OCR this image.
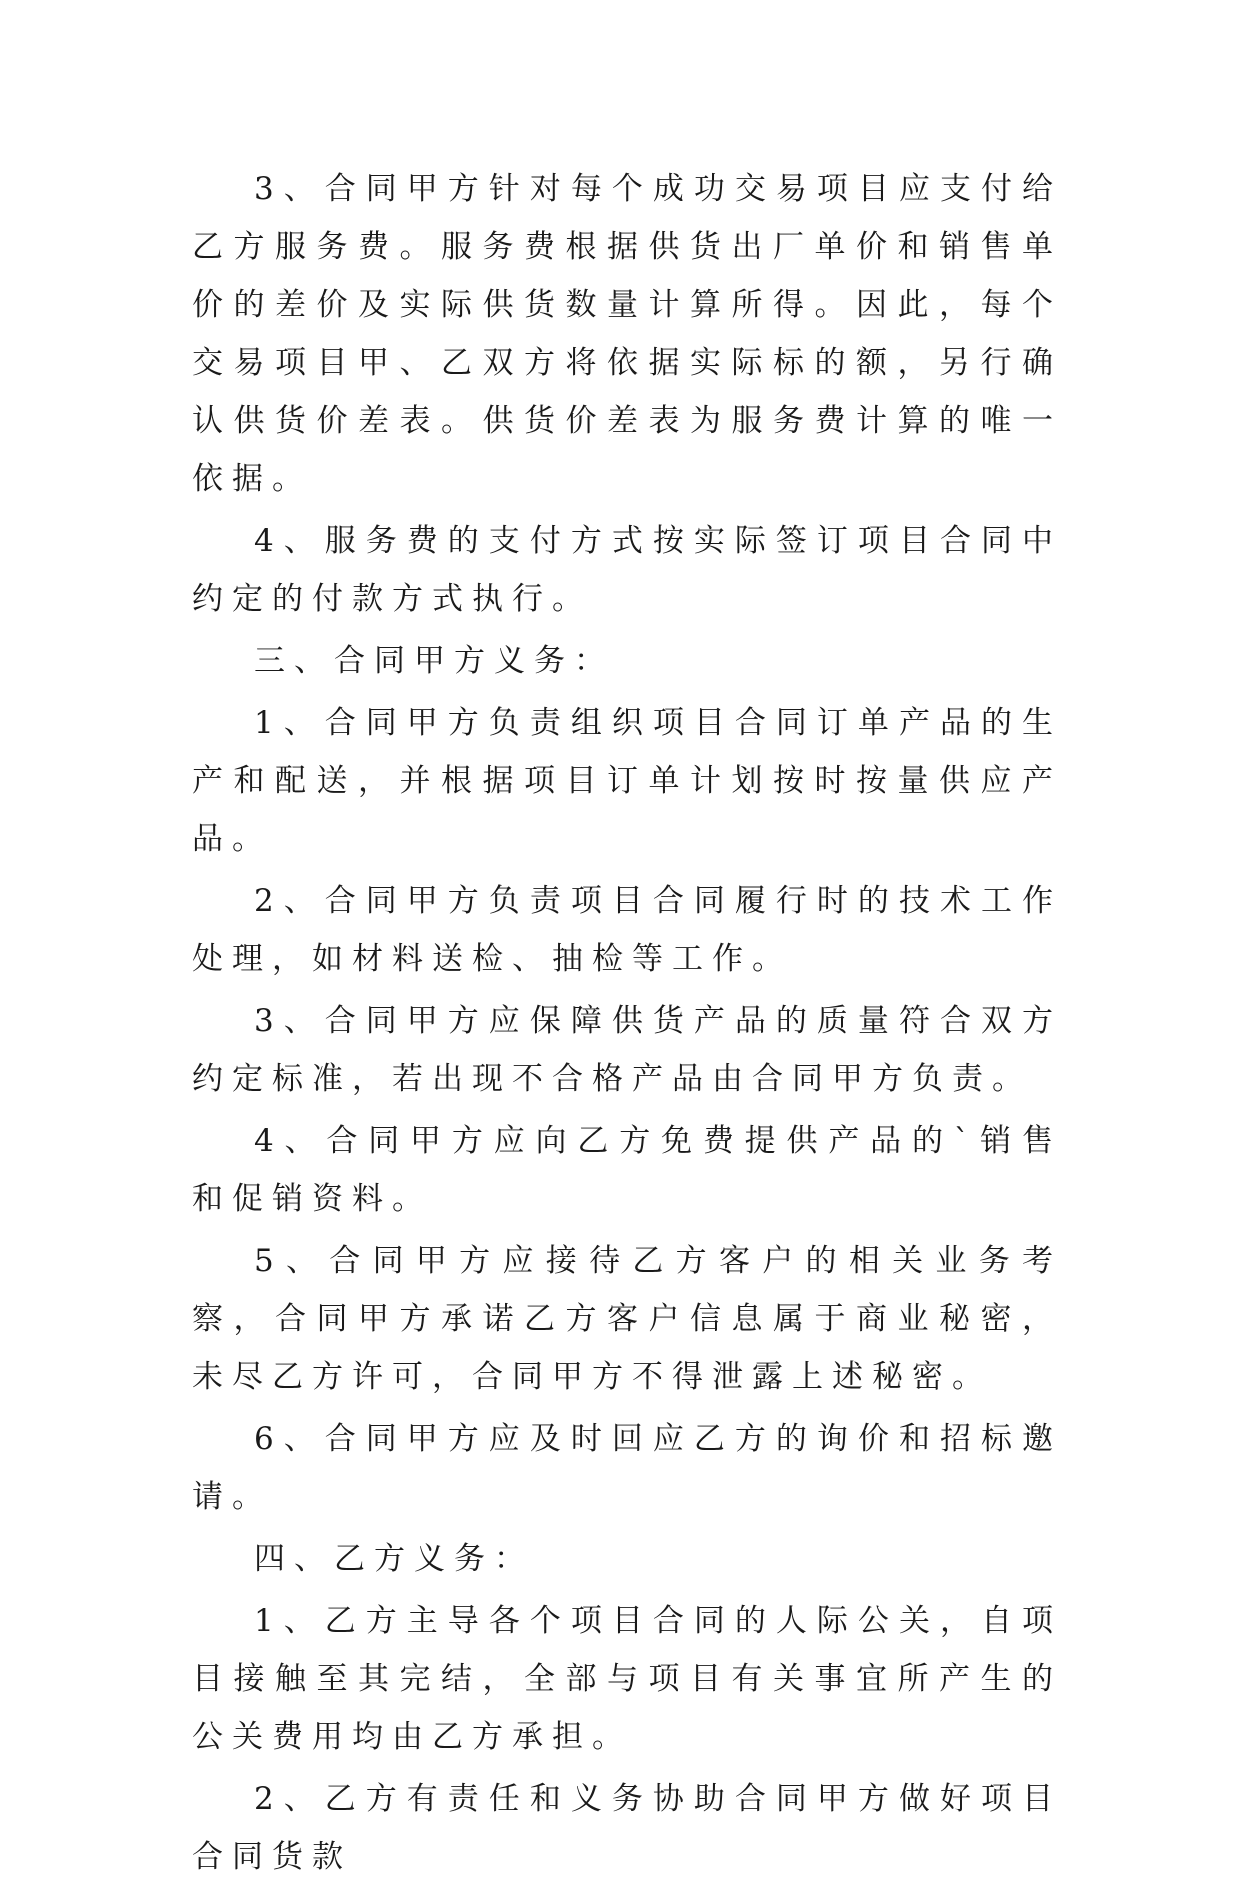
3、合同甲方针对每个成功交易项目应支付给乙方服务费。服务费根据供货出厂单价和销售单价的差价及实际供货数量计算所得。因此，每个交易项目甲、乙双方将依据实际标的额，另行确认供货价差表。供货价差表为服务费计算的唯一依据。

4、服务费的支付方式按实际签订项目合同中约定的付款方式执行。

三、合同甲方义务：

1、合同甲方负责组织项目合同订单产品的生产和配送，并根据项目订单计划按时按量供应产品。

2、合同甲方负责项目合同履行时的技术工作处理，如材料送检、抽检等工作。

3、合同甲方应保障供货产品的质量符合双方约定标准，若出现不合格产品由合同甲方负责。

4、合同甲方应向乙方免费提供产品的`销售和促销资料。

5、合同甲方应接待乙方客户的相关业务考察，合同甲方承诺乙方客户信息属于商业秘密，未尽乙方许可，合同甲方不得泄露上述秘密。

6、合同甲方应及时回应乙方的询价和招标邀请。

四、乙方义务：

1、乙方主导各个项目合同的人际公关，自项目接触至其完结，全部与项目有关事宜所产生的公关费用均由乙方承担。

2、乙方有责任和义务协助合同甲方做好项目合同货款
